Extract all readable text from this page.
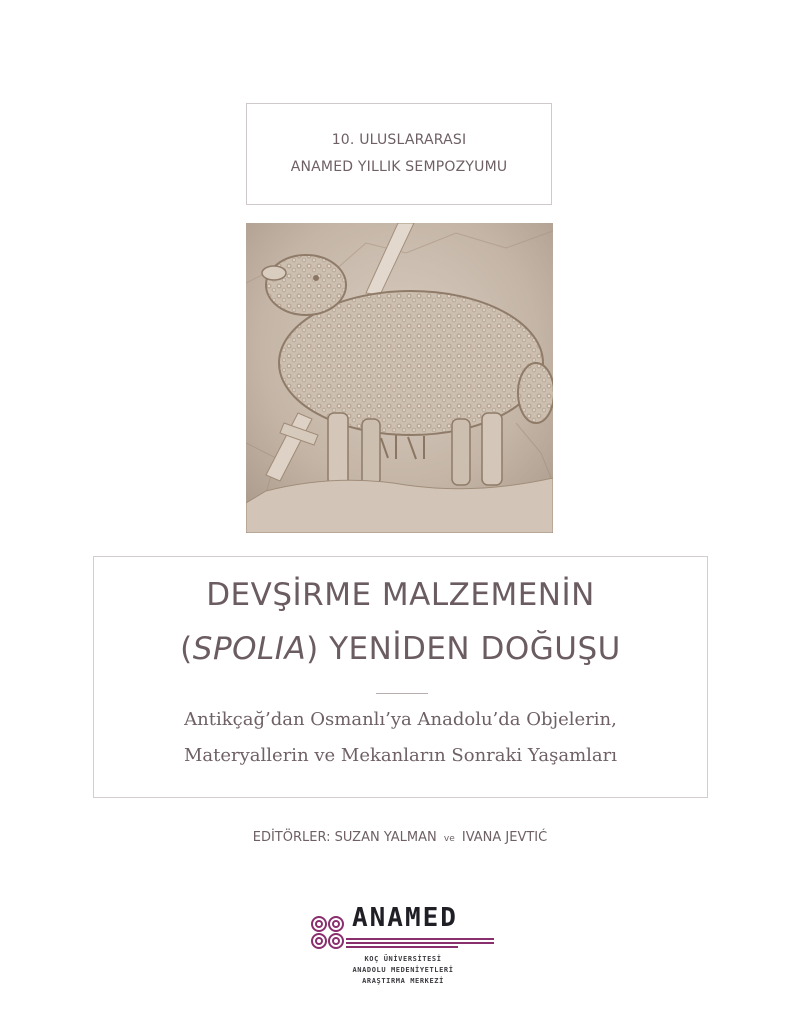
10. ULUSLARARASI
ANAMED YILLIK SEMPOZYUMU
DEVŞİRME MALZEMENİN
(SPOLIA) YENİDEN DOĞUŞU
Antikçağ’dan Osmanlı’ya Anadolu’da Objelerin,
Materyallerin ve Mekanların Sonraki Yaşamları
EDİTÖRLER: SUZAN YALMAN ve IVANA JEVTIĆ
ANAMED
KOÇ ÜNİVERSİTESİ
ANADOLU MEDENİYETLERİ
ARAŞTIRMA MERKEZİ
